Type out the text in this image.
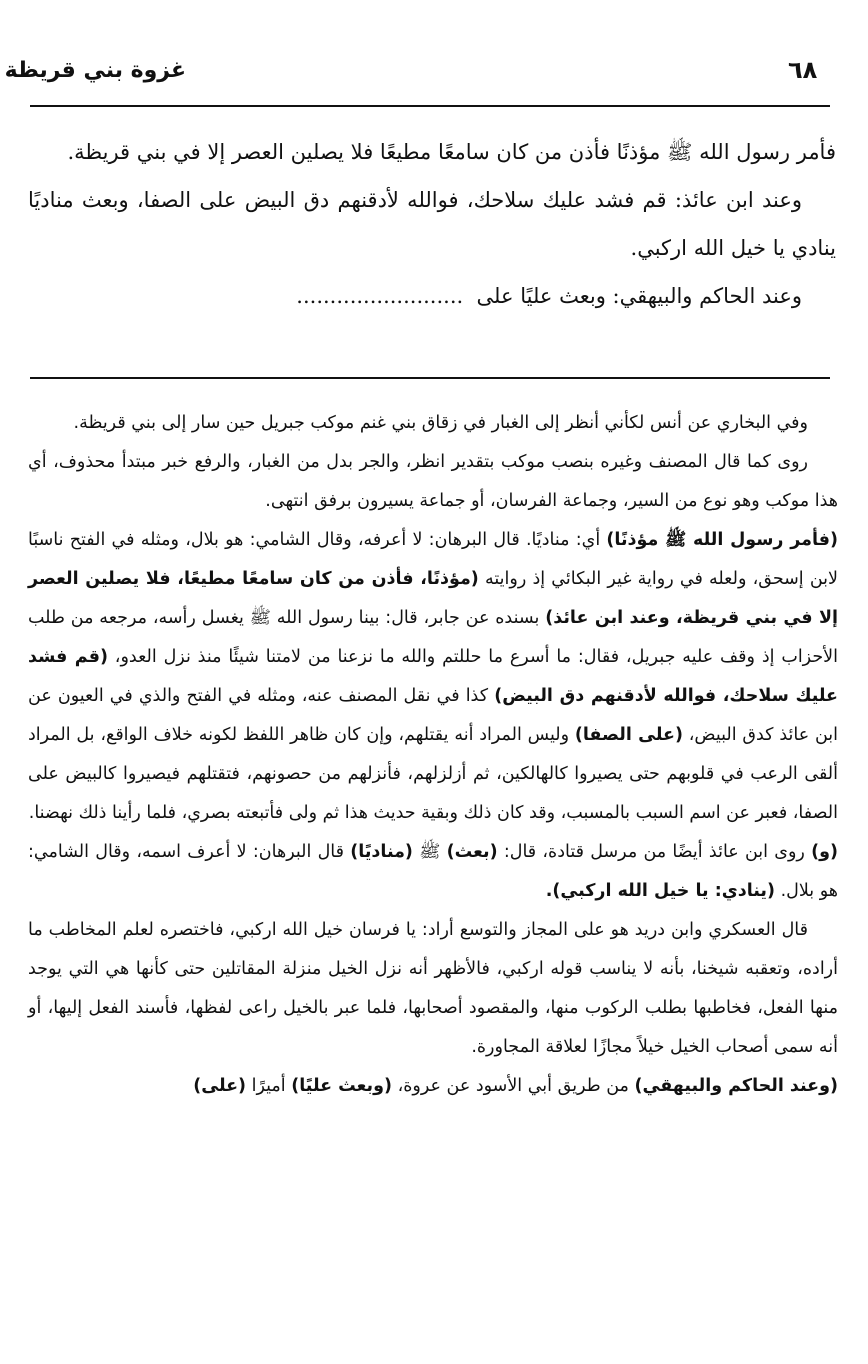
غزوة بني قريظة	٦٨

فأمر رسول الله ﷺ مؤذنًا فأذن من كان سامعًا مطيعًا فلا يصلين العصر إلا في بني قريظة.

وعند ابن عائذ: قم فشد عليك سلاحك، فوالله لأدقنهم دق البيض على الصفا، وبعث مناديًا ينادي يا خيل الله اركبي.

وعند الحاكم والبيهقي: وبعث عليًا على  .........................

وفي البخاري عن أنس لكأني أنظر إلى الغبار في زقاق بني غنم موكب جبريل حين سار إلى بني قريظة.

روى كما قال المصنف وغيره بنصب موكب بتقدير انظر، والجر بدل من الغبار، والرفع خبر مبتدأ محذوف، أي هذا موكب وهو نوع من السير، وجماعة الفرسان، أو جماعة يسيرون برفق انتهى.

(فأمر رسول الله ﷺ مؤذنًا) أي: مناديًا. قال البرهان: لا أعرفه، وقال الشامي: هو بلال، ومثله في الفتح ناسبًا لابن إسحق، ولعله في رواية غير البكائي إذ روايته (مؤذنًا، فأذن من كان سامعًا مطيعًا، فلا يصلين العصر إلا في بني قريظة، وعند ابن عائذ) بسنده عن جابر، قال: بينا رسول الله ﷺ يغسل رأسه، مرجعه من طلب الأحزاب إذ وقف عليه جبريل، فقال: ما أسرع ما حللتم والله ما نزعنا من لامتنا شيئًا منذ نزل العدو، (قم فشد عليك سلاحك، فوالله لأدقنهم دق البيض) كذا في نقل المصنف عنه، ومثله في الفتح والذي في العيون عن ابن عائذ كدق البيض، (على الصفا) وليس المراد أنه يقتلهم، وإن كان ظاهر اللفظ لكونه خلاف الواقع، بل المراد ألقى الرعب في قلوبهم حتى يصيروا كالهالكين، ثم أزلزلهم، فأنزلهم من حصونهم، فتقتلهم فيصيروا كالبيض على الصفا، فعبر عن اسم السبب بالمسبب، وقد كان ذلك وبقية حديث هذا ثم ولى فأتبعته بصري، فلما رأينا ذلك نهضنا.

(و) روى ابن عائذ أيضًا من مرسل قتادة، قال: (بعث) ﷺ (مناديًا) قال البرهان: لا أعرف اسمه، وقال الشامي: هو بلال. (ينادي: يا خيل الله اركبي).

قال العسكري وابن دريد هو على المجاز والتوسع أراد: يا فرسان خيل الله اركبي، فاختصره لعلم المخاطب ما أراده، وتعقبه شيخنا، بأنه لا يناسب قوله اركبي، فالأظهر أنه نزل الخيل منزلة المقاتلين حتى كأنها هي التي يوجد منها الفعل، فخاطبها بطلب الركوب منها، والمقصود أصحابها، فلما عبر بالخيل راعى لفظها، فأسند الفعل إليها، أو أنه سمى أصحاب الخيل خيلاً مجازًا لعلاقة المجاورة.

(وعند الحاكم والبيهقي) من طريق أبي الأسود عن عروة، (وبعث عليًا) أميرًا (على)
